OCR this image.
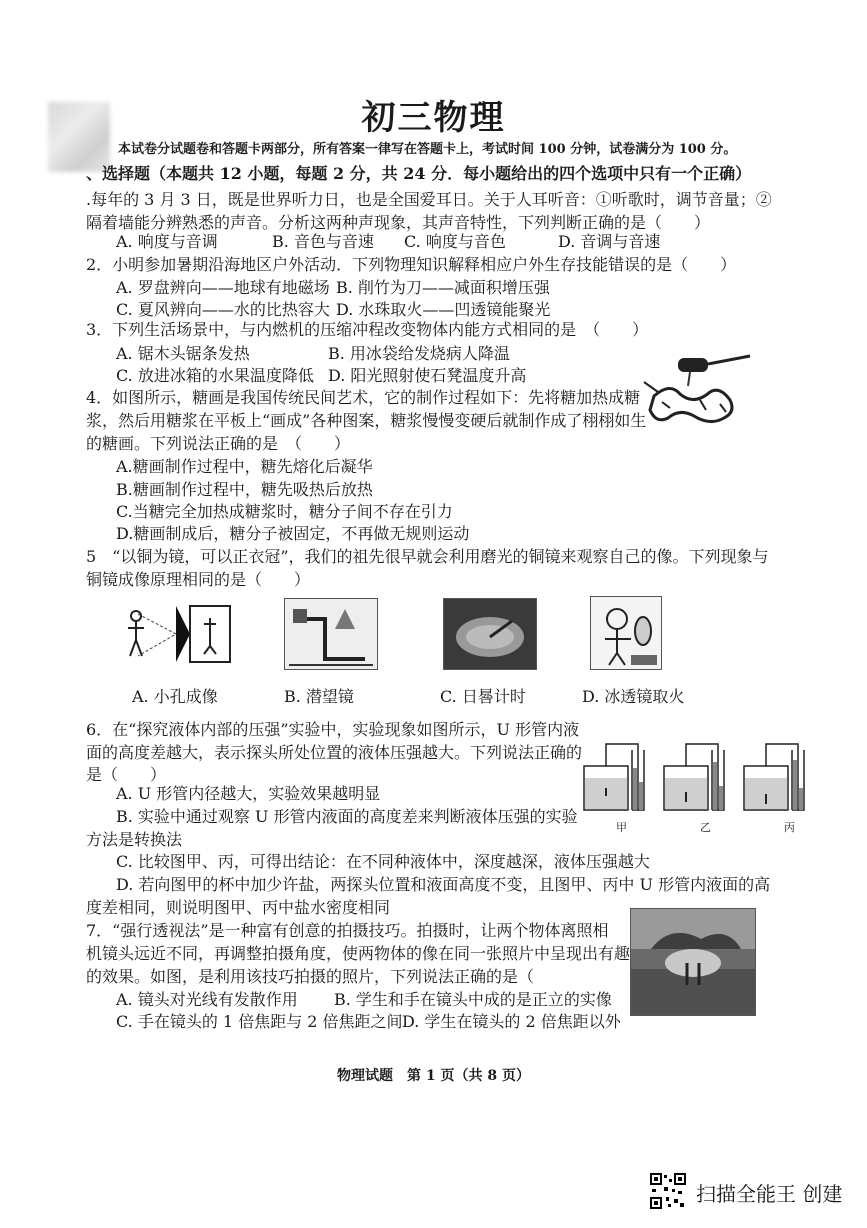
初三物理
本试卷分试题卷和答题卡两部分，所有答案一律写在答题卡上，考试时间 100 分钟，试卷满分为 100 分。
、选择题（本题共 12 小题，每题 2 分，共 24 分．每小题给出的四个选项中只有一个正确）
.每年的 3 月 3 日，既是世界听力日，也是全国爱耳日。关于人耳听音：①听歌时，调节音量；②
隔着墙能分辨熟悉的声音。分析这两种声现象，其声音特性，下列判断正确的是（　　）
A. 响度与音调	B. 音色与音速 C. 响度与音色	D. 音调与音速
2．小明参加暑期沿海地区户外活动．下列物理知识解释相应户外生存技能错误的是（　　）
A. 罗盘辨向——地球有地磁场 B. 削竹为刀——减面积增压强
C. 夏风辨向——水的比热容大 D. 水珠取火——凹透镜能聚光
3．下列生活场景中，与内燃机的压缩冲程改变物体内能方式相同的是　（　　）
A. 锯木头锯条发热	B. 用冰袋给发烧病人降温
C. 放进冰箱的水果温度降低 D. 阳光照射使石凳温度升高
4．如图所示，糖画是我国传统民间艺术，它的制作过程如下：先将糖加热成糖
浆，然后用糖浆在平板上“画成”各种图案，糖浆慢慢变硬后就制作成了栩栩如生
的糖画。下列说法正确的是　（　　）
A.糖画制作过程中，糖先熔化后凝华
B.糖画制作过程中，糖先吸热后放热
C.当糖完全加热成糖浆时，糖分子间不存在引力
D.糖画制成后，糖分子被固定，不再做无规则运动
5　“以铜为镜，可以正衣冠”，我们的祖先很早就会利用磨光的铜镜来观察自己的像。下列现象与
铜镜成像原理相同的是（　　）
A. 小孔成像	B. 潜望镜	C. 日晷计时	D. 冰透镜取火
6．在“探究液体内部的压强”实验中，实验现象如图所示，U 形管内液
面的高度差越大，表示探头所处位置的液体压强越大。下列说法正确的
是（　　）
A. U 形管内径越大，实验效果越明显
B. 实验中通过观察 U 形管内液面的高度差来判断液体压强的实验
方法是转换法
C. 比较图甲、丙，可得出结论：在不同种液体中，深度越深，液体压强越大
D. 若向图甲的杯中加少许盐，两探头位置和液面高度不变，且图甲、丙中 U 形管内液面的高
度差相同，则说明图甲、丙中盐水密度相同
甲	乙	丙
7．“强行透视法”是一种富有创意的拍摄技巧。拍摄时，让两个物体离照相
机镜头远近不同，再调整拍摄角度，使两物体的像在同一张照片中呈现出有趣
的效果。如图，是利用该技巧拍摄的照片，下列说法正确的是（
A. 镜头对光线有发散作用 B. 学生和手在镜头中成的是正立的实像
C. 手在镜头的 1 倍焦距与 2 倍焦距之间 D. 学生在镜头的 2 倍焦距以外
物理试题　第 1 页（共 8 页）
扫描全能王 创建
